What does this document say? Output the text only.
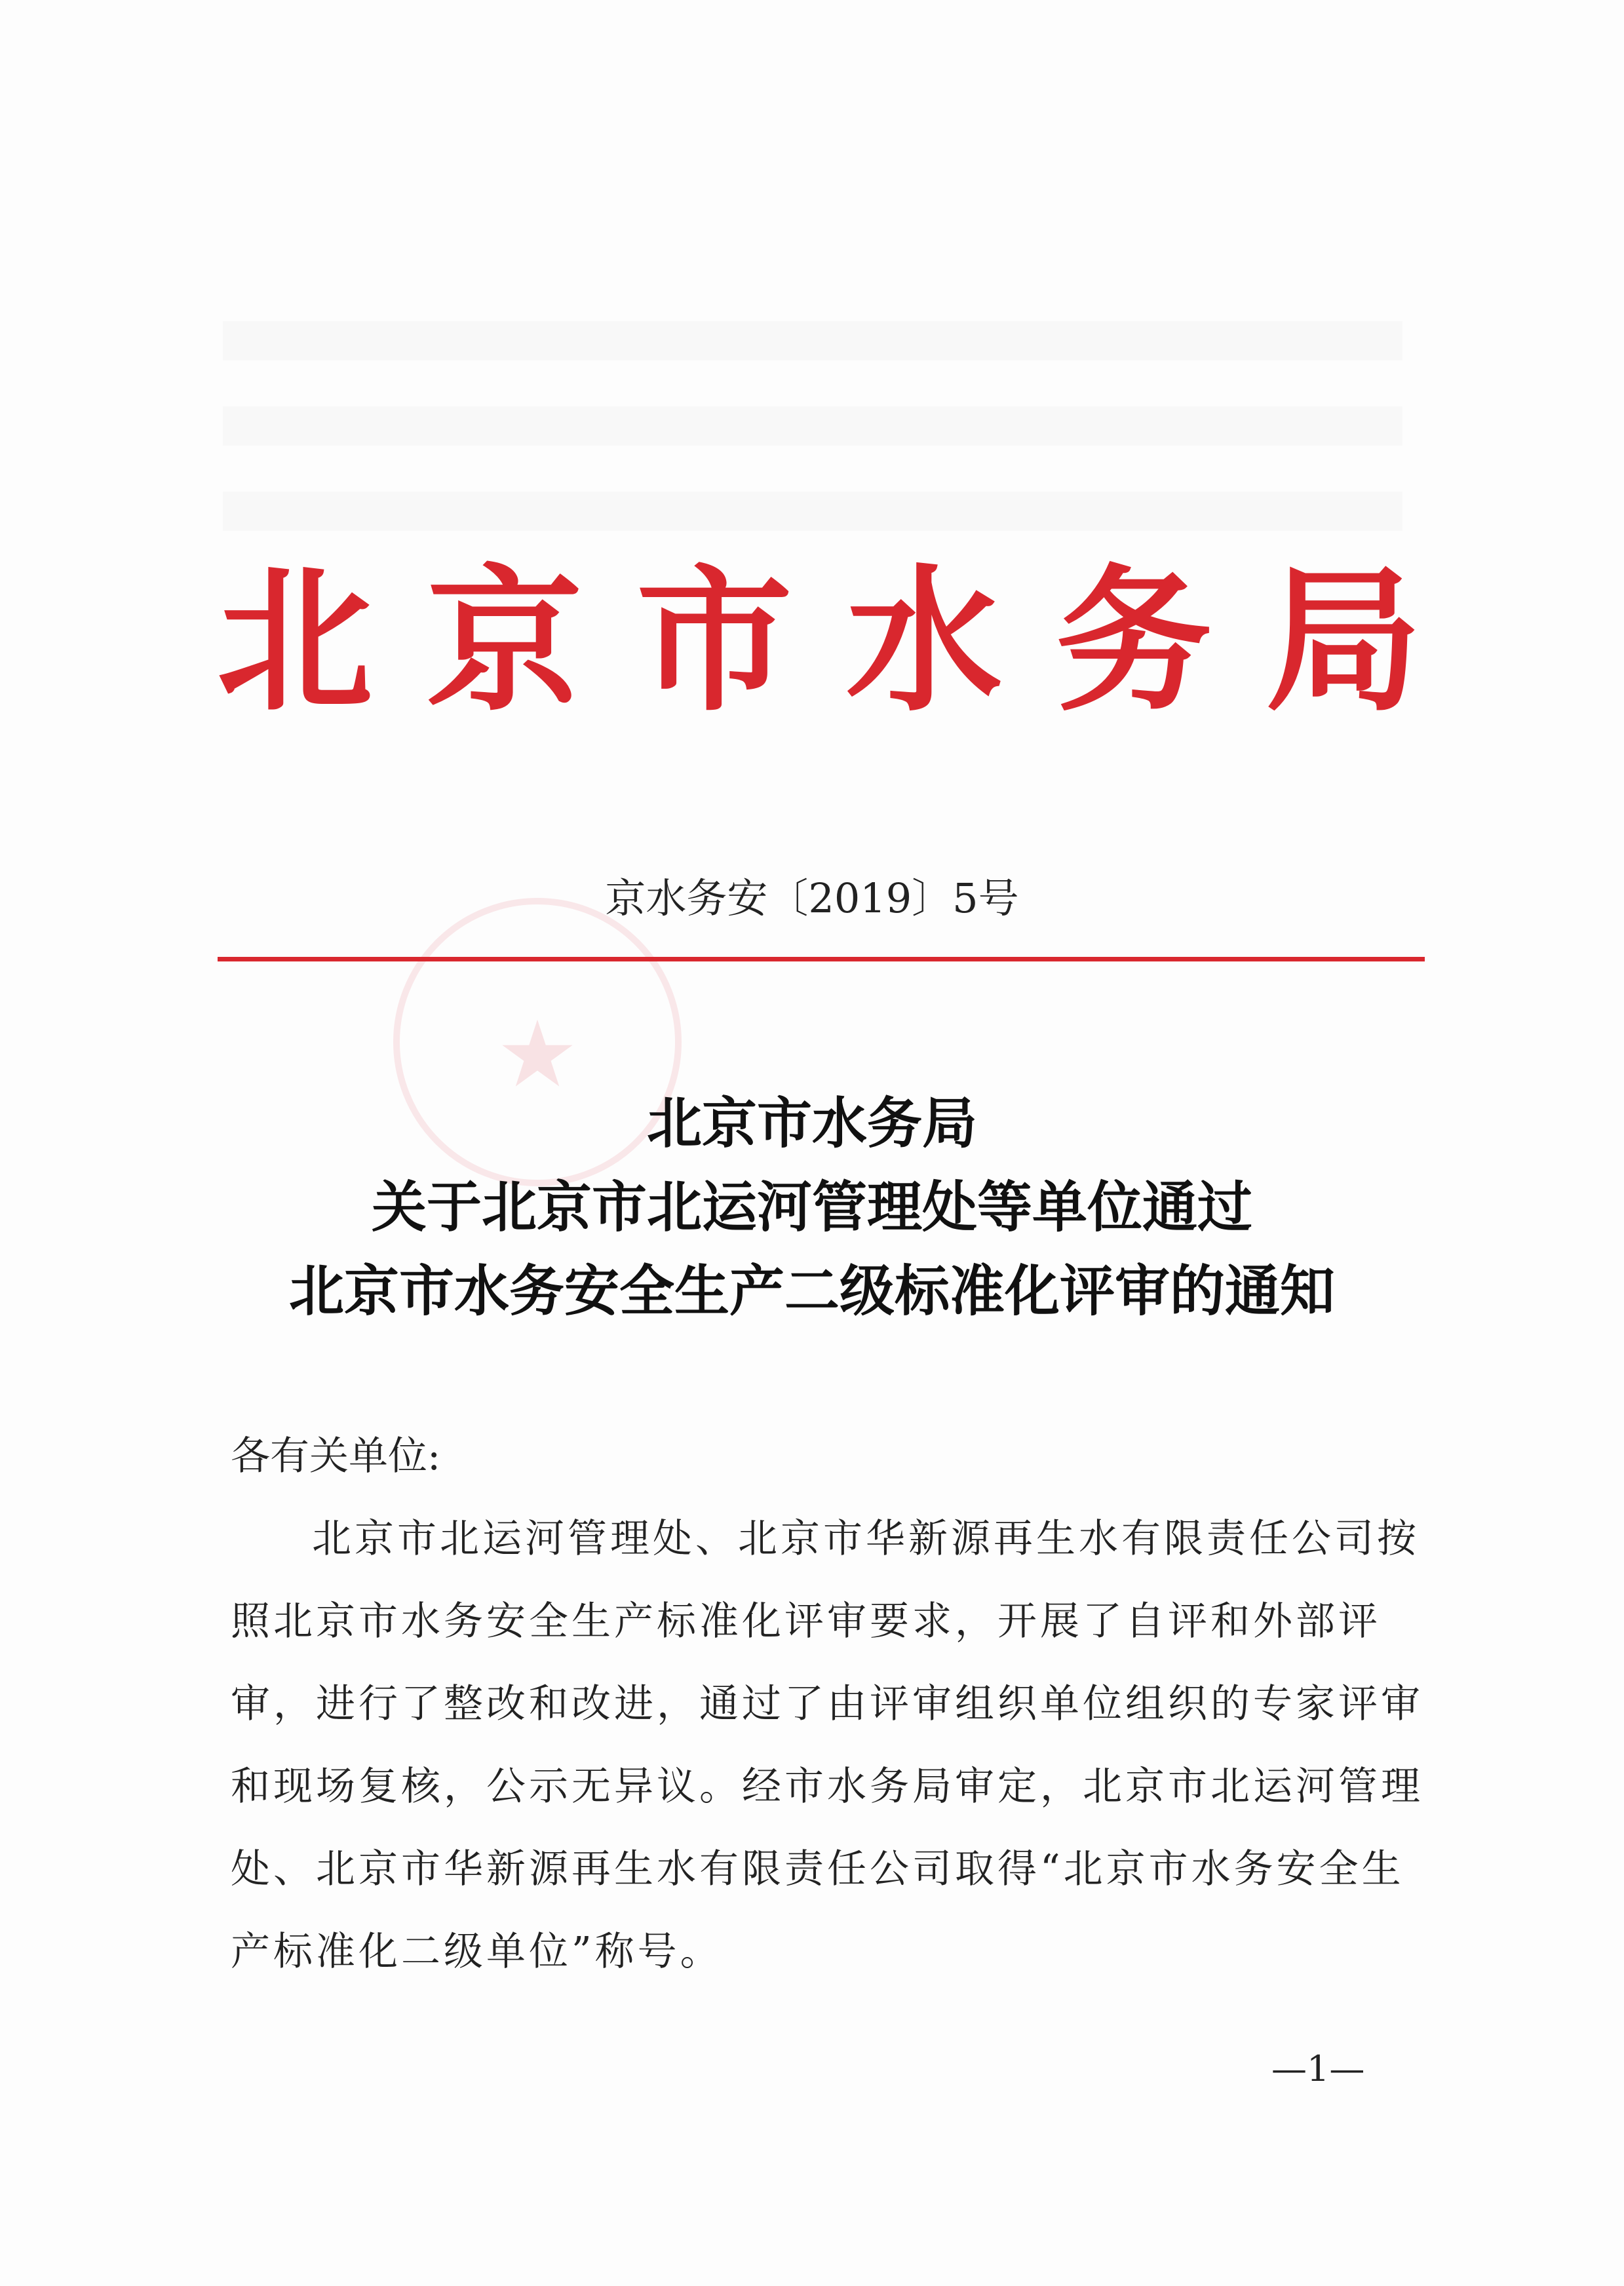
北 京 市 水 务 局
★
京水务安〔2019〕5号
北京市水务局
关于北京市北运河管理处等单位通过
北京市水务安全生产二级标准化评审的通知
各有关单位:
北京市北运河管理处、北京市华新源再生水有限责任公司按
照北京市水务安全生产标准化评审要求，开展了自评和外部评
审，进行了整改和改进，通过了由评审组织单位组织的专家评审
和现场复核，公示无异议。经市水务局审定，北京市北运河管理
处、北京市华新源再生水有限责任公司取得“北京市水务安全生
产标准化二级单位”称号。
—1—
